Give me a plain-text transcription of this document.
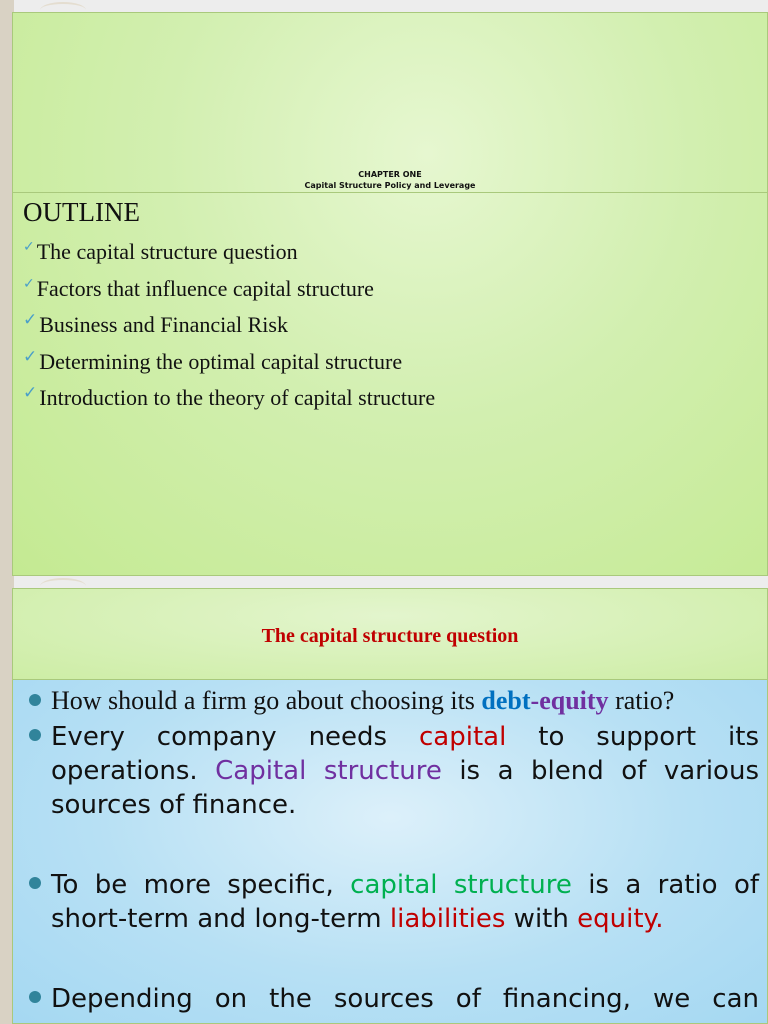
CHAPTER ONE
Capital Structure Policy and Leverage
OUTLINE
✓ The capital structure question
✓ Factors that influence capital structure
✓ Business and Financial Risk
✓ Determining the optimal capital structure
✓ Introduction to the theory of capital structure
The capital structure question
How should a firm go about choosing its debt-equity ratio?
Every company needs capital to support its operations. Capital structure is a blend of various sources of finance.
To be more specific, capital structure is a ratio of short-term and long-term liabilities with equity.
Depending on the sources of financing, we can
